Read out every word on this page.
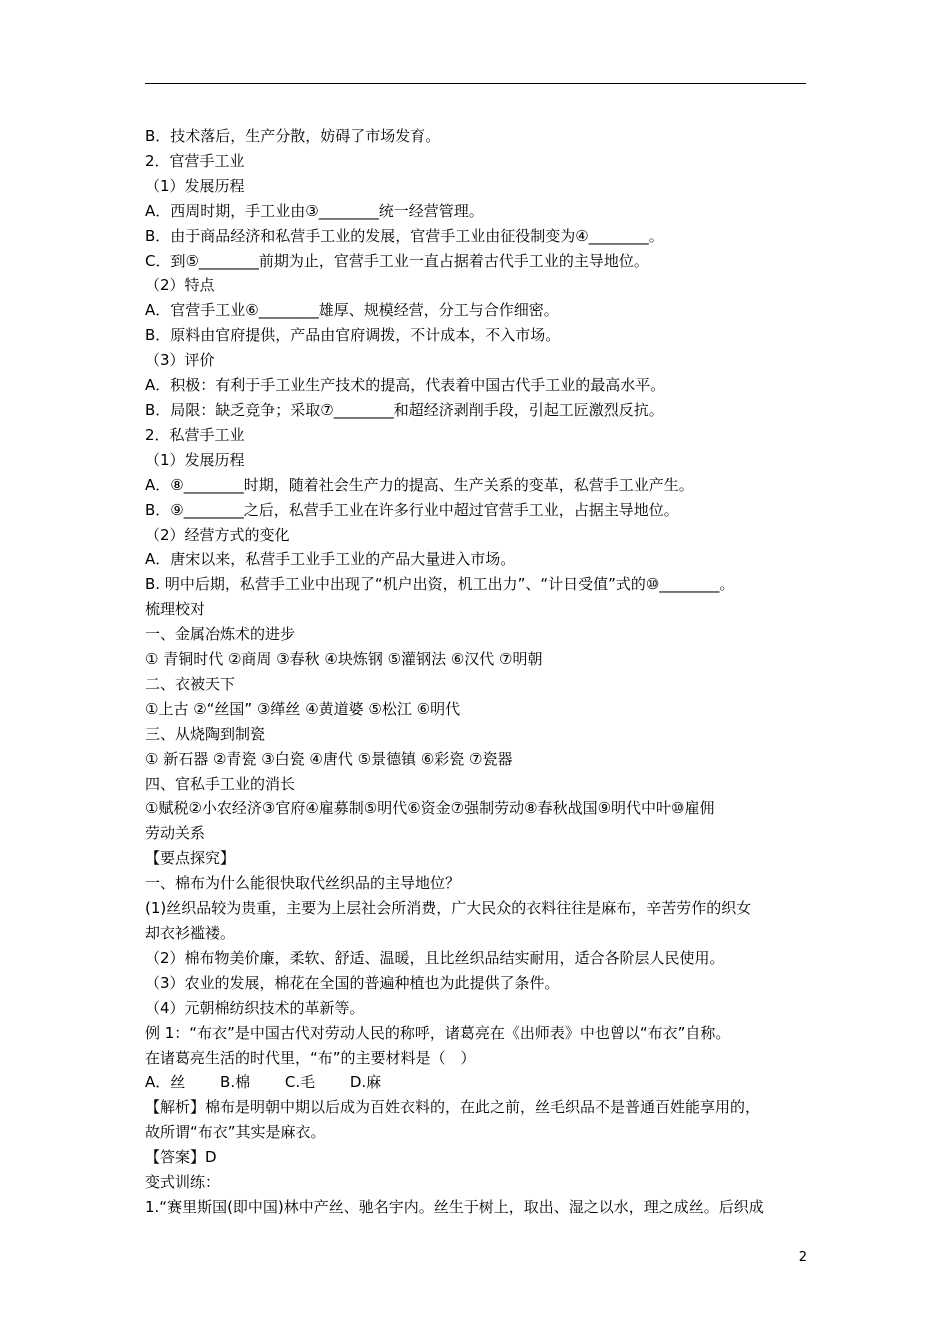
B．技术落后，生产分散，妨碍了市场发育。
2．官营手工业
（1）发展历程
A．西周时期，手工业由③________统一经营管理。
B．由于商品经济和私营手工业的发展，官营手工业由征役制变为④________。
C．到⑤________前期为止，官营手工业一直占据着古代手工业的主导地位。
（2）特点
A．官营手工业⑥________雄厚、规模经营，分工与合作细密。
B．原料由官府提供，产品由官府调拨，不计成本，不入市场。
（3）评价
A．积极：有利于手工业生产技术的提高，代表着中国古代手工业的最高水平。
B．局限：缺乏竞争；采取⑦________和超经济剥削手段，引起工匠激烈反抗。
2．私营手工业
（1）发展历程
A．⑧________时期，随着社会生产力的提高、生产关系的变革，私营手工业产生。
B．⑨________之后，私营手工业在许多行业中超过官营手工业，占据主导地位。
（2）经营方式的变化
A．唐宋以来，私营手工业手工业的产品大量进入市场。
B. 明中后期，私营手工业中出现了“机户出资，机工出力”、“计日受值”式的⑩________。
梳理校对
一、金属冶炼术的进步
① 青铜时代 ②商周 ③春秋 ④块炼钢 ⑤灌钢法 ⑥汉代 ⑦明朝
二、衣被天下
①上古 ②“丝国” ③缂丝 ④黄道婆 ⑤松江 ⑥明代
三、从烧陶到制瓷
① 新石器 ②青瓷 ③白瓷 ④唐代 ⑤景德镇 ⑥彩瓷 ⑦瓷器
四、官私手工业的消长
①赋税②小农经济③官府④雇募制⑤明代⑥资金⑦强制劳动⑧春秋战国⑨明代中叶⑩雇佣
劳动关系
【要点探究】
一、棉布为什么能很快取代丝织品的主导地位？
(1)丝织品较为贵重，主要为上层社会所消费，广大民众的衣料往往是麻布，辛苦劳作的织女
却衣衫褴褛。
（2）棉布物美价廉，柔软、舒适、温暖，且比丝织品结实耐用，适合各阶层人民使用。
（3）农业的发展，棉花在全国的普遍种植也为此提供了条件。
（4）元朝棉纺织技术的革新等。
例 1：“布衣”是中国古代对劳动人民的称呼，诸葛亮在《出师表》中也曾以“布衣”自称。
在诸葛亮生活的时代里，“布”的主要材料是（　）
A．丝　　 B.棉　　 C.毛　　 D.麻
【解析】棉布是明朝中期以后成为百姓衣料的，在此之前，丝毛织品不是普通百姓能享用的，
故所谓“布衣”其实是麻衣。
【答案】D
变式训练：
1.“赛里斯国(即中国)林中产丝、驰名宇内。丝生于树上，取出、湿之以水，理之成丝。后织成
2
